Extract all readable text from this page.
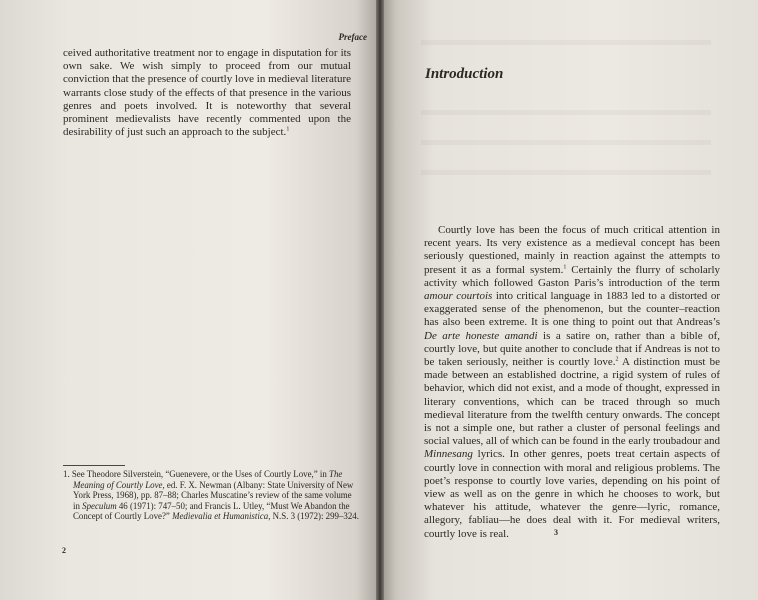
Preface

ceived authoritative treatment nor to engage in disputation for its own sake. We wish simply to proceed from our mutual conviction that the presence of courtly love in medieval literature warrants close study of the effects of that presence in the various genres and poets involved. It is noteworthy that several prominent medievalists have recently commented upon the desirability of just such an approach to the subject.$^1$

1. See Theodore Silverstein, “Guenevere, or the Uses of Courtly Love,” in The Meaning of Courtly Love, ed. F. X. Newman (Albany: State University of New York Press, 1968), pp. 87–88; Charles Muscatine’s review of the same volume in Speculum 46 (1971): 747–50; and Francis L. Utley, “Must We Abandon the Concept of Courtly Love?” Medievalia et Humanistica, N.S. 3 (1972): 299–324.

2
Introduction

Courtly love has been the focus of much critical attention in recent years. Its very existence as a medieval concept has been seriously questioned, mainly in reaction against the attempts to present it as a formal system.$^1$ Certainly the flurry of scholarly activity which followed Gaston Paris’s introduction of the term amour courtois into critical language in 1883 led to a distorted or exaggerated sense of the phenomenon, but the counter–reaction has also been extreme. It is one thing to point out that Andreas’s De arte honeste amandi is a satire on, rather than a bible of, courtly love, but quite another to conclude that if Andreas is not to be taken seriously, neither is courtly love.$^2$ A distinction must be made between an established doctrine, a rigid system of rules of behavior, which did not exist, and a mode of thought, expressed in literary conventions, which can be traced through so much medieval literature from the twelfth century onwards. The concept is not a simple one, but rather a cluster of personal feelings and social values, all of which can be found in the early troubadour and Minnesang lyrics. In other genres, poets treat certain aspects of courtly love in connection with moral and religious problems. The poet’s response to courtly love varies, depending on his point of view as well as on the genre in which he chooses to work, but whatever his attitude, whatever the genre—lyric, romance, allegory, fabliau—he does deal with it. For medieval writers, courtly love is real.	3
